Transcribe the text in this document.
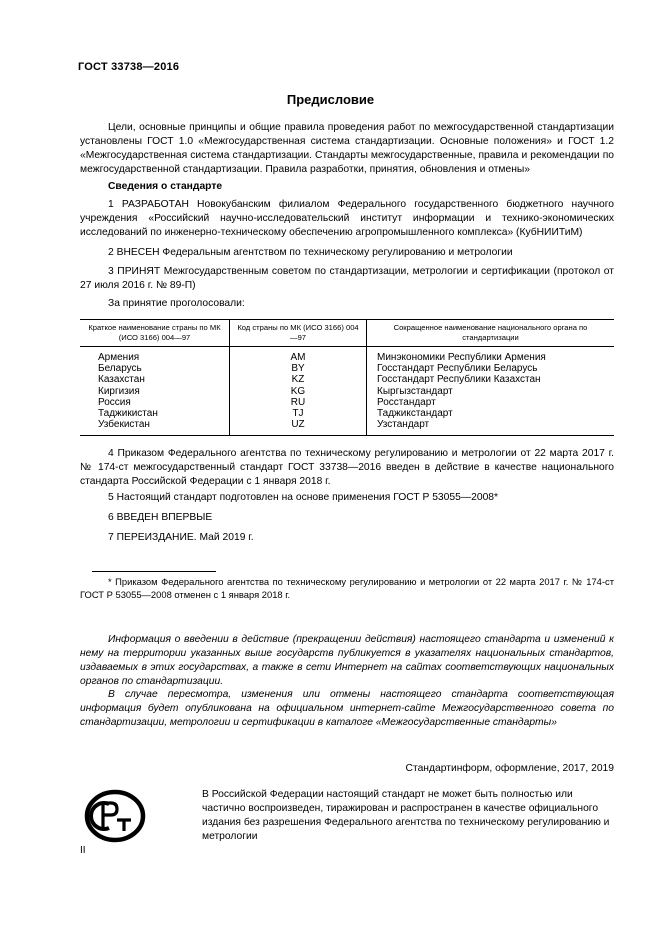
ГОСТ 33738—2016
Предисловие
Цели, основные принципы и общие правила проведения работ по межгосударственной стандартизации установлены ГОСТ 1.0 «Межгосударственная система стандартизации. Основные положения» и ГОСТ 1.2 «Межгосударственная система стандартизации. Стандарты межгосударственные, правила и рекомендации по межгосударственной стандартизации. Правила разработки, принятия, обновления и отмены»
Сведения о стандарте
1 РАЗРАБОТАН Новокубанским филиалом Федерального государственного бюджетного научного учреждения «Российский научно-исследовательский институт информации и технико-экономических исследований по инженерно-техническому обеспечению агропромышленного комплекса» (КубНИИТиМ)
2 ВНЕСЕН Федеральным агентством по техническому регулированию и метрологии
3 ПРИНЯТ Межгосударственным советом по стандартизации, метрологии и сертификации (протокол от 27 июля 2016 г. № 89-П)
За принятие проголосовали:
Краткое наименование страны по МК (ИСО 3166) 004—97	Код страны по МК (ИСО 3166) 004—97	Сокращенное наименование национального органа по стандартизации
Армения	AM	Минэкономики Республики Армения
Беларусь	BY	Госстандарт Республики Беларусь
Казахстан	KZ	Госстандарт Республики Казахстан
Киргизия	KG	Кыргызстандарт
Россия	RU	Росстандарт
Таджикистан	TJ	Таджикстандарт
Узбекистан	UZ	Узстандарт
4 Приказом Федерального агентства по техническому регулированию и метрологии от 22 марта 2017 г. № 174-ст межгосударственный стандарт ГОСТ 33738—2016 введен в действие в качестве национального стандарта Российской Федерации с 1 января 2018 г.
5 Настоящий стандарт подготовлен на основе применения ГОСТ Р 53055—2008*
6 ВВЕДЕН ВПЕРВЫЕ
7 ПЕРЕИЗДАНИЕ. Май 2019 г.
* Приказом Федерального агентства по техническому регулированию и метрологии от 22 марта 2017 г. № 174-ст ГОСТ Р 53055—2008 отменен с 1 января 2018 г.
Информация о введении в действие (прекращении действия) настоящего стандарта и изменений к нему на территории указанных выше государств публикуется в указателях национальных стандартов, издаваемых в этих государствах, а также в сети Интернет на сайтах соответствующих национальных органов по стандартизации.
В случае пересмотра, изменения или отмены настоящего стандарта соответствующая информация будет опубликована на официальном интернет-сайте Межгосударственного совета по стандартизации, метрологии и сертификации в каталоге «Межгосударственные стандарты»
Стандартинформ, оформление, 2017, 2019
В Российской Федерации настоящий стандарт не может быть полностью или частично воспроизведен, тиражирован и распространен в качестве официального издания без разрешения Федерального агентства по техническому регулированию и метрологии
II
